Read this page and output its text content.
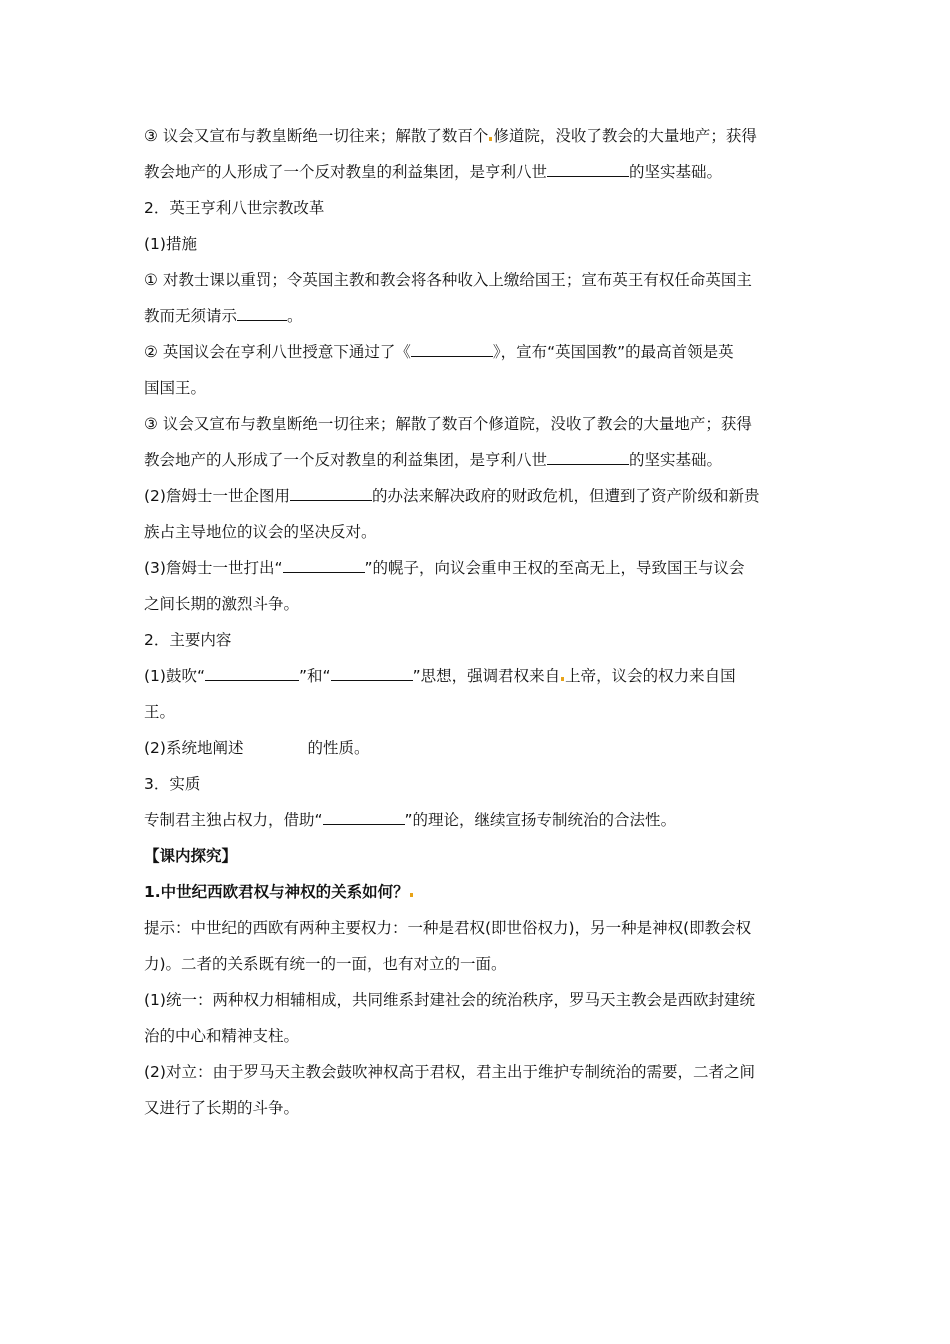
③ 议会又宣布与教皇断绝一切往来；解散了数百个 修道院，没收了教会的大量地产；获得
教会地产的人形成了一个反对教皇的利益集团，是亨利八世	的坚实基础。
2．英王亨利八世宗教改革
(1)措施
① 对教士课以重罚；令英国主教和教会将各种收入上缴给国王；宣布英王有权任命英国主
教而无须请示	。
② 英国议会在亨利八世授意下通过了《	》，宣布“英国国教”的最高首领是英
国国王。
③ 议会又宣布与教皇断绝一切往来；解散了数百个修道院，没收了教会的大量地产；获得
教会地产的人形成了一个反对教皇的利益集团，是亨利八世	的坚实基础。
(2)詹姆士一世企图用	的办法来解决政府的财政危机，但遭到了资产阶级和新贵
族占主导地位的议会的坚决反对。
(3)詹姆士一世打出“	”的幌子，向议会重申王权的至高无上，导致国王与议会
之间长期的激烈斗争。
2．主要内容
(1)鼓吹“	”和“	”思想，强调君权来自 上帝，议会的权力来自国
王。
(2)系统地阐述	的性质。
3．实质
专制君主独占权力，借助“	”的理论，继续宣扬专制统治的合法性。
【课内探究】
1.中世纪西欧君权与神权的关系如何？
提示：中世纪的西欧有两种主要权力：一种是君权(即世俗权力)，另一种是神权(即教会权
力)。二者的关系既有统一的一面，也有对立的一面。
(1)统一：两种权力相辅相成，共同维系封建社会的统治秩序，罗马天主教会是西欧封建统
治的中心和精神支柱。
(2)对立：由于罗马天主教会鼓吹神权高于君权，君主出于维护专制统治的需要，二者之间
又进行了长期的斗争。
